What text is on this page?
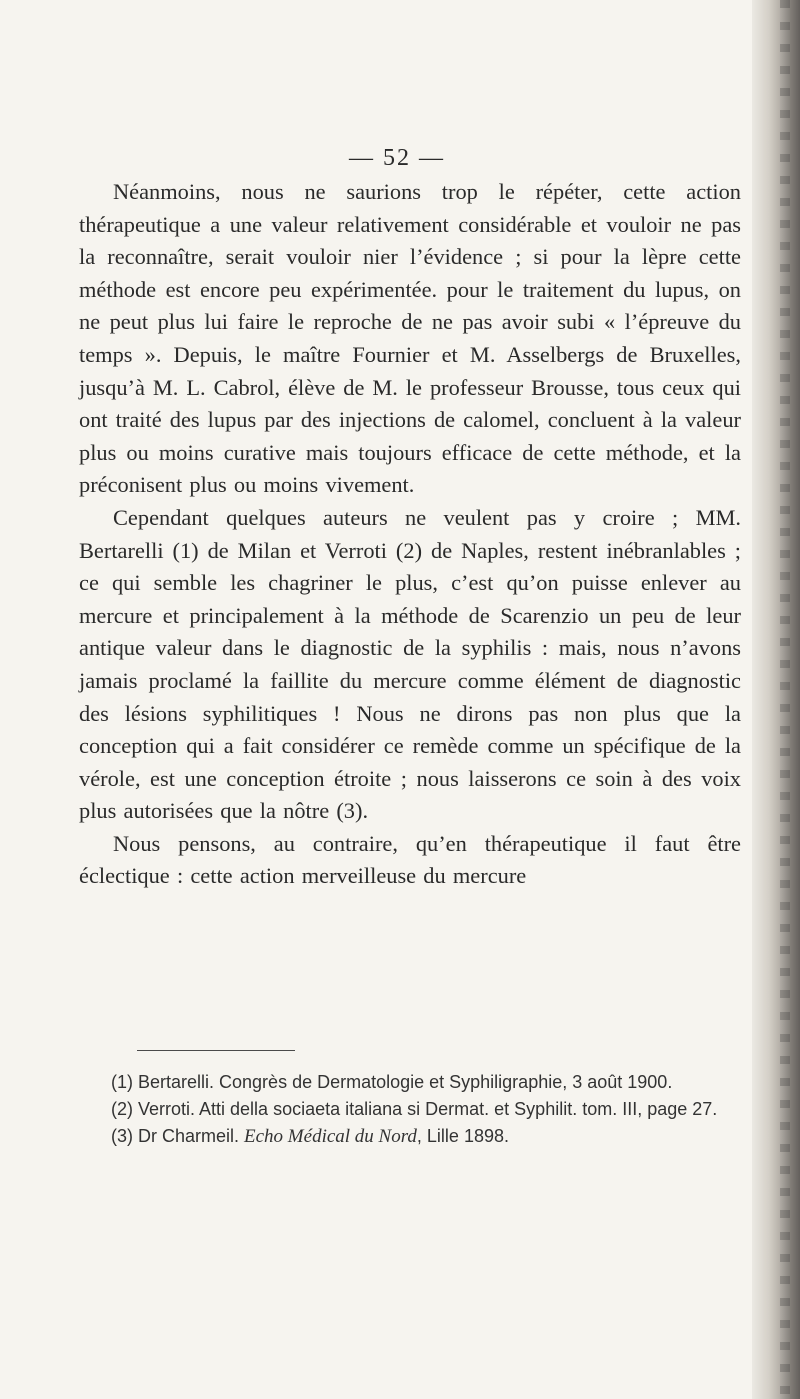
— 52 —

Néanmoins, nous ne saurions trop le répéter, cette action thérapeutique a une valeur relativement considérable et vouloir ne pas la reconnaître, serait vouloir nier l’évidence ; si pour la lèpre cette méthode est encore peu expérimentée. pour le traitement du lupus, on ne peut plus lui faire le reproche de ne pas avoir subi « l’épreuve du temps ». Depuis, le maître Fournier et M. Asselbergs de Bruxelles, jusqu’à M. L. Cabrol, élève de M. le professeur Brousse, tous ceux qui ont traité des lupus par des injections de calomel, concluent à la valeur plus ou moins curative mais toujours efficace de cette méthode, et la préconisent plus ou moins vivement.

Cependant quelques auteurs ne veulent pas y croire ; MM. Bertarelli (1) de Milan et Verroti (2) de Naples, restent inébranlables ; ce qui semble les chagriner le plus, c’est qu’on puisse enlever au mercure et principalement à la méthode de Scarenzio un peu de leur antique valeur dans le diagnostic de la syphilis : mais, nous n’avons jamais proclamé la faillite du mercure comme élément de diagnostic des lésions syphilitiques ! Nous ne dirons pas non plus que la conception qui a fait considérer ce remède comme un spécifique de la vérole, est une conception étroite ; nous laisserons ce soin à des voix plus autorisées que la nôtre (3).

Nous pensons, au contraire, qu’en thérapeutique il faut être éclectique : cette action merveilleuse du mercure

(1) Bertarelli. Congrès de Dermatologie et Syphiligraphie, 3 août 1900.

(2) Verroti. Atti della sociaeta italiana si Dermat. et Syphilit. tom. III, page 27.

(3) Dr Charmeil. Echo Médical du Nord, Lille 1898.
